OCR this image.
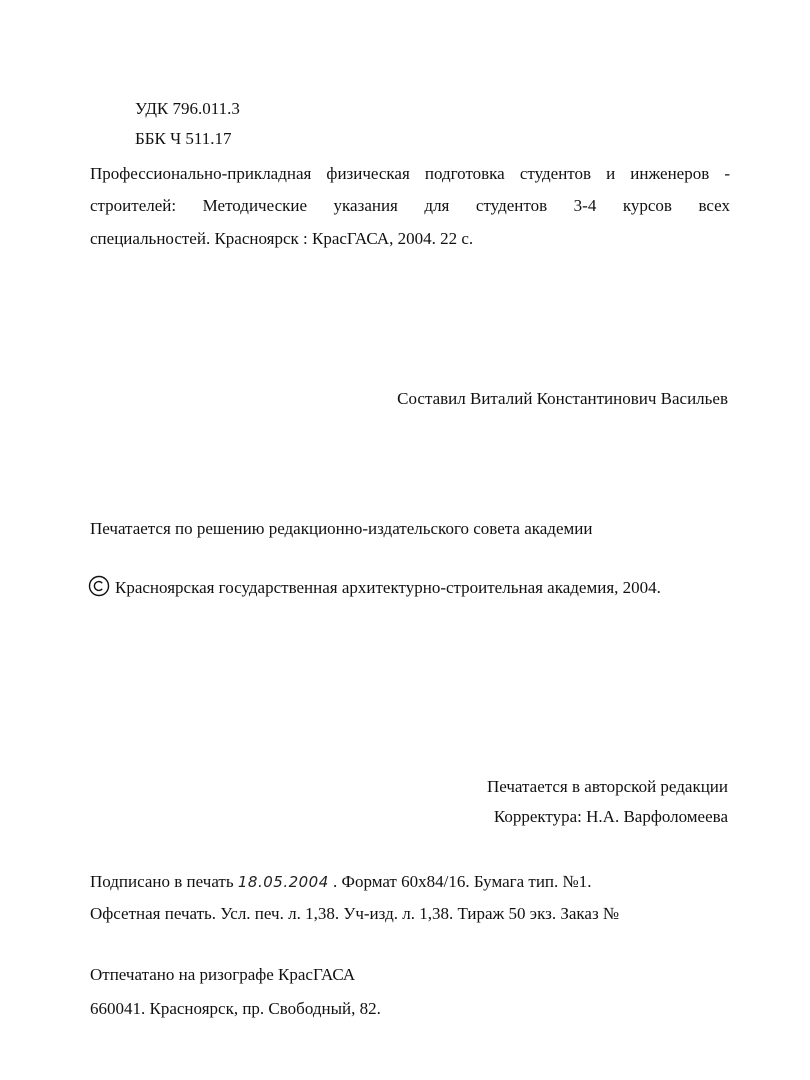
УДК 796.011.3
ББК Ч 511.17
Профессионально-прикладная физическая подготовка студентов и инженеров -
строителей: Методические указания для студентов 3-4 курсов всех
специальностей. Красноярск : КрасГАСА, 2004. 22 с.
Составил Виталий Константинович Васильев
Печатается по решению редакционно-издательского совета академии
Красноярская государственная архитектурно-строительная академия, 2004.
Печатается в авторской редакции
Корректура: Н.А. Варфоломеева
Подписано в печать 18.05.2004 . Формат 60х84/16. Бумага тип. №1.
Офсетная печать. Усл. печ. л. 1,38. Уч-изд. л. 1,38. Тираж 50 экз. Заказ №
Отпечатано на ризографе КрасГАСА
660041. Красноярск, пр. Свободный, 82.
